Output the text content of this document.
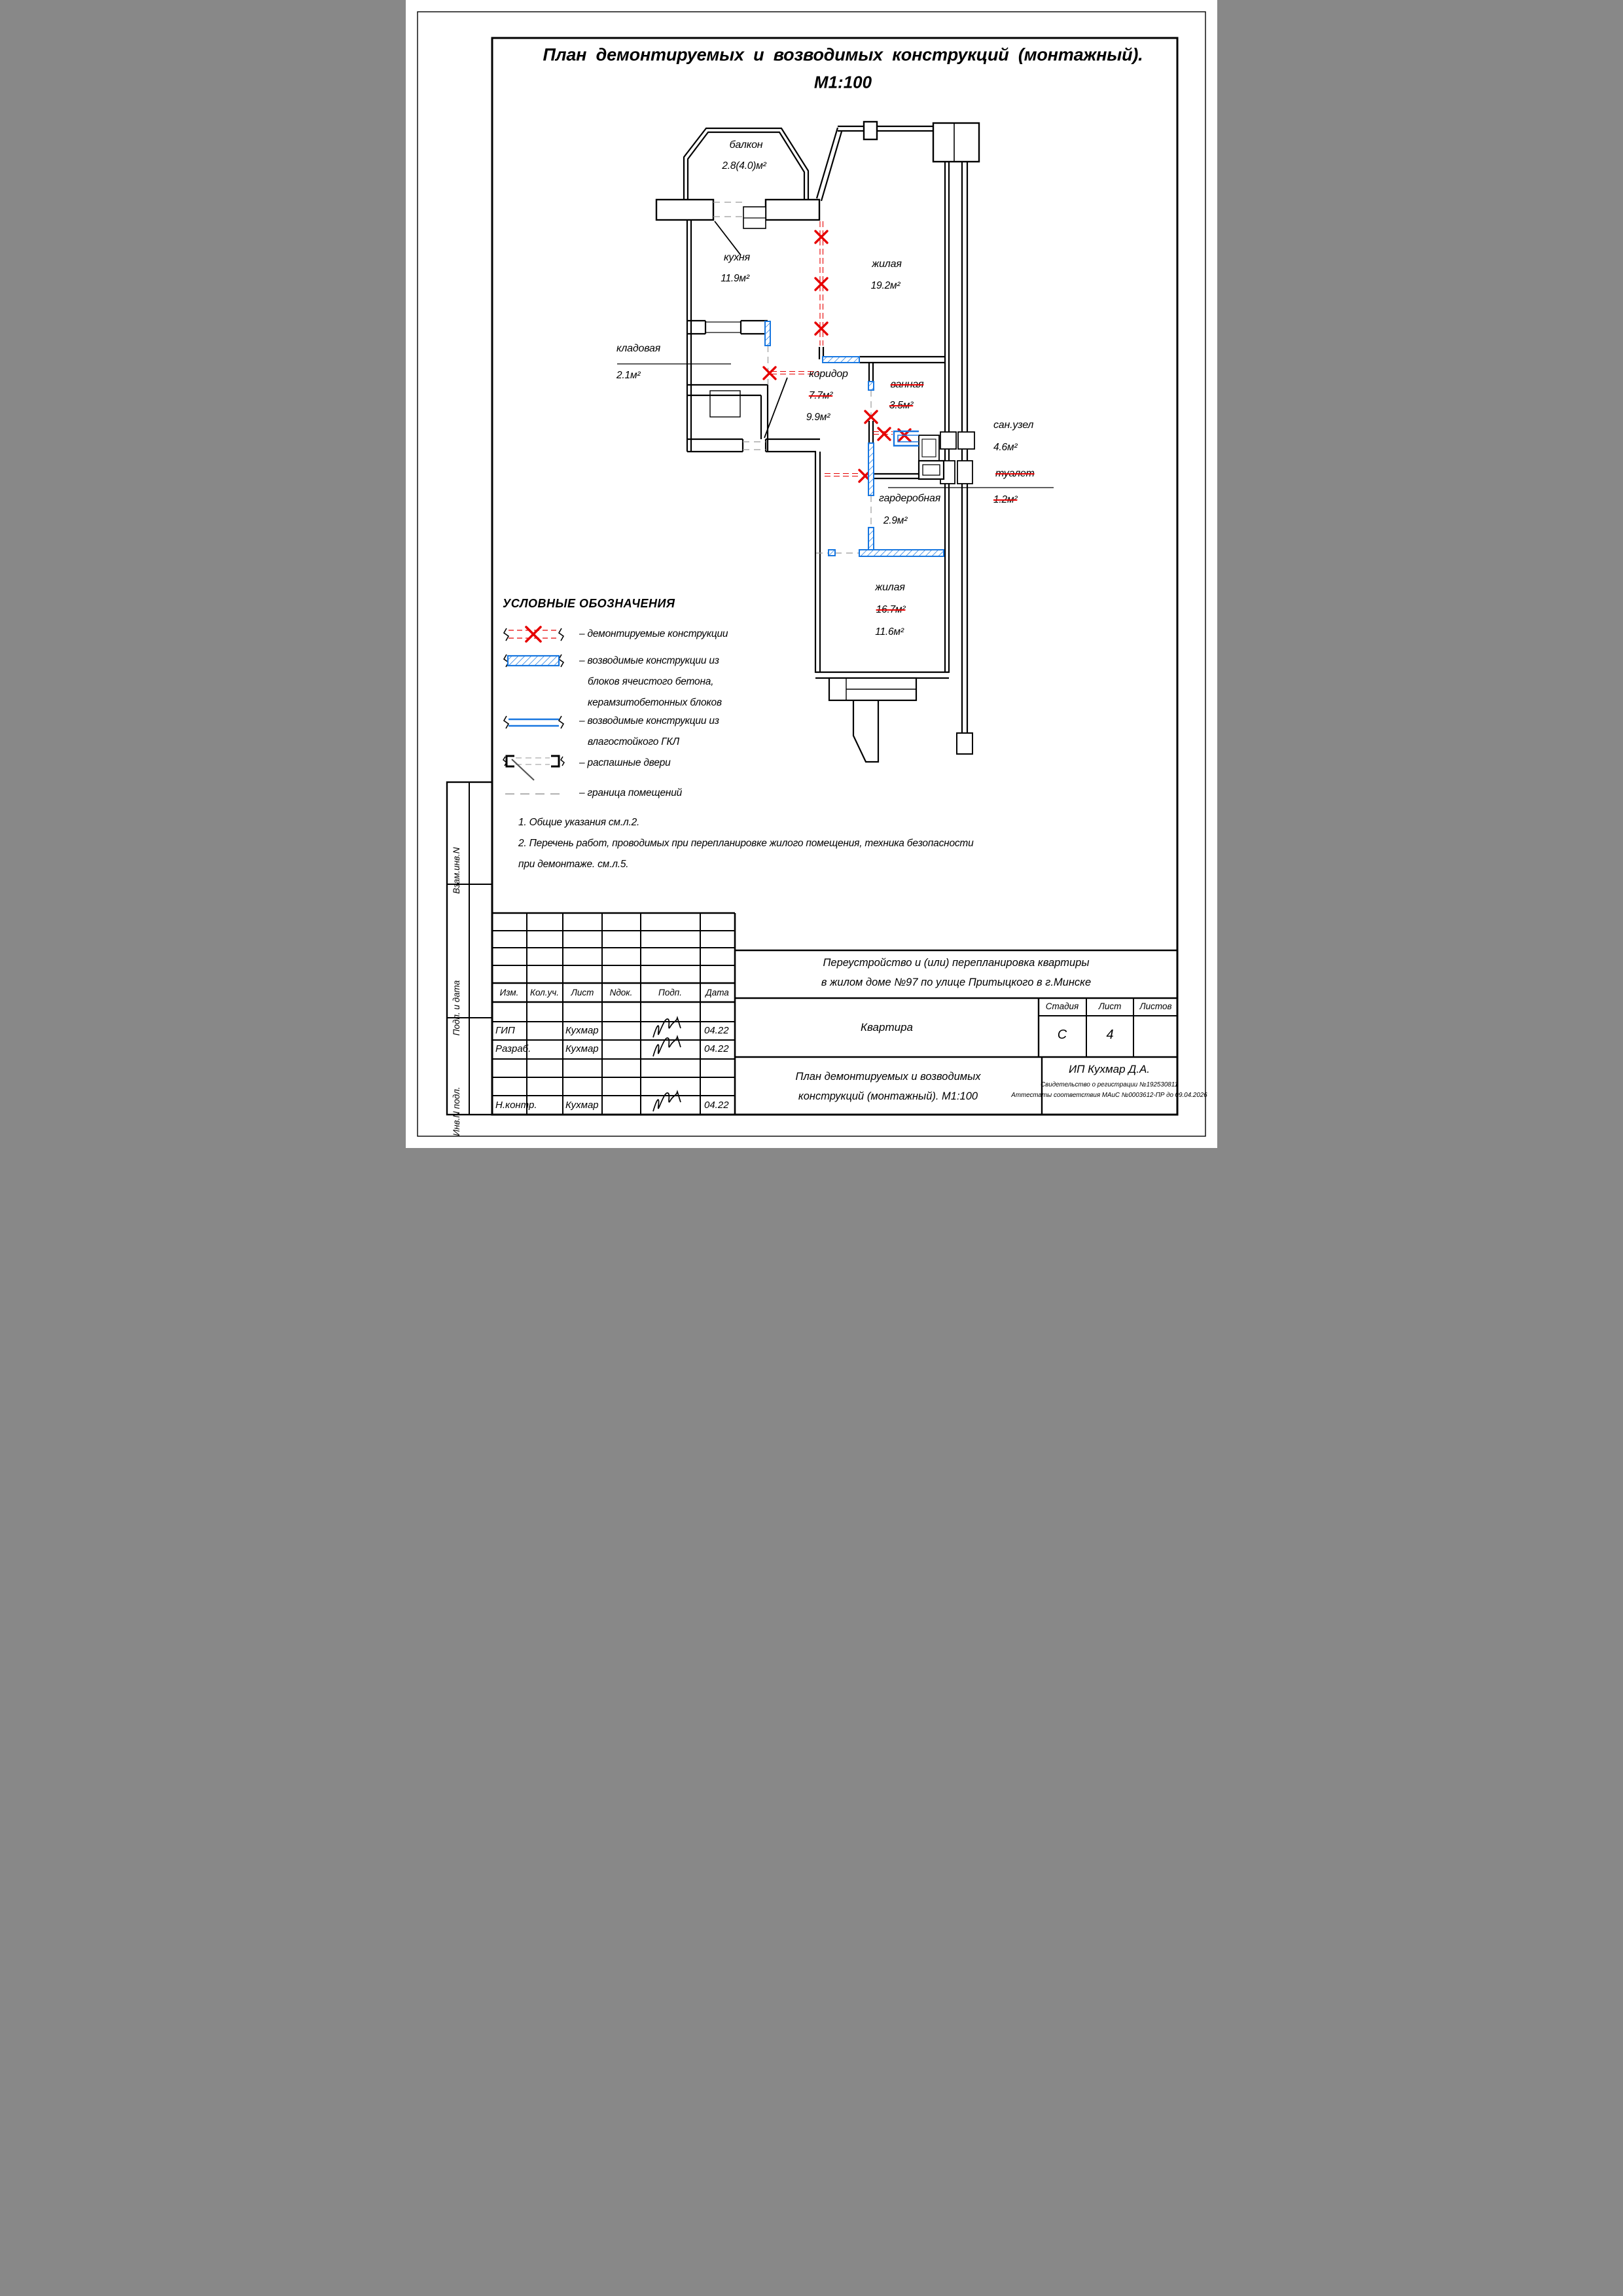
План демонтируемых и возводимых конструкций (монтажный).
М1:100
балкон
2.8(4.0)м²
кухня
11.9м²
жилая
19.2м²
кладовая
2.1м²	коридор
7.7м²
9.9м²
ванная
3.5м²
сан.узел
4.6м²
туалет
1.2м²
гардеробная
2.9м²
жилая
16.7м²
11.6м²
УСЛОВНЫЕ ОБОЗНАЧЕНИЯ
– демонтируемые конструкции
– возводимые конструкции из
блоков ячеистого бетона,
керамзитобетонных блоков
– возводимые конструкции из
влагостойкого ГКЛ
– распашные двери
– граница помещений
1. Общие указания см.л.2.
2. Перечень работ, проводимых при перепланировке жилого помещения, техника безопасности
при демонтаже. см.л.5.
Изм. Кол.уч. Лист Nдок.	Подп.	Дата
ГИП	Кухмар	04.22
Разраб.	Кухмар	04.22
Н.контр.	Кухмар	04.22
Переустройство и (или) перепланировка квартиры
в жилом доме №97 по улице Притыцкого в г.Минске
Квартира
Стадия Лист Листов
С	4
План демонтируемых и возводимых
конструкций (монтажный). М1:100
ИП Кухмар Д.А.
Свидетельство о регистрации №192530811
Аттестаты соответствия МАиС №0003612-ПР до 09.04.2026
Взам.инв.N
Подп. и дата
Инв.N подл.
